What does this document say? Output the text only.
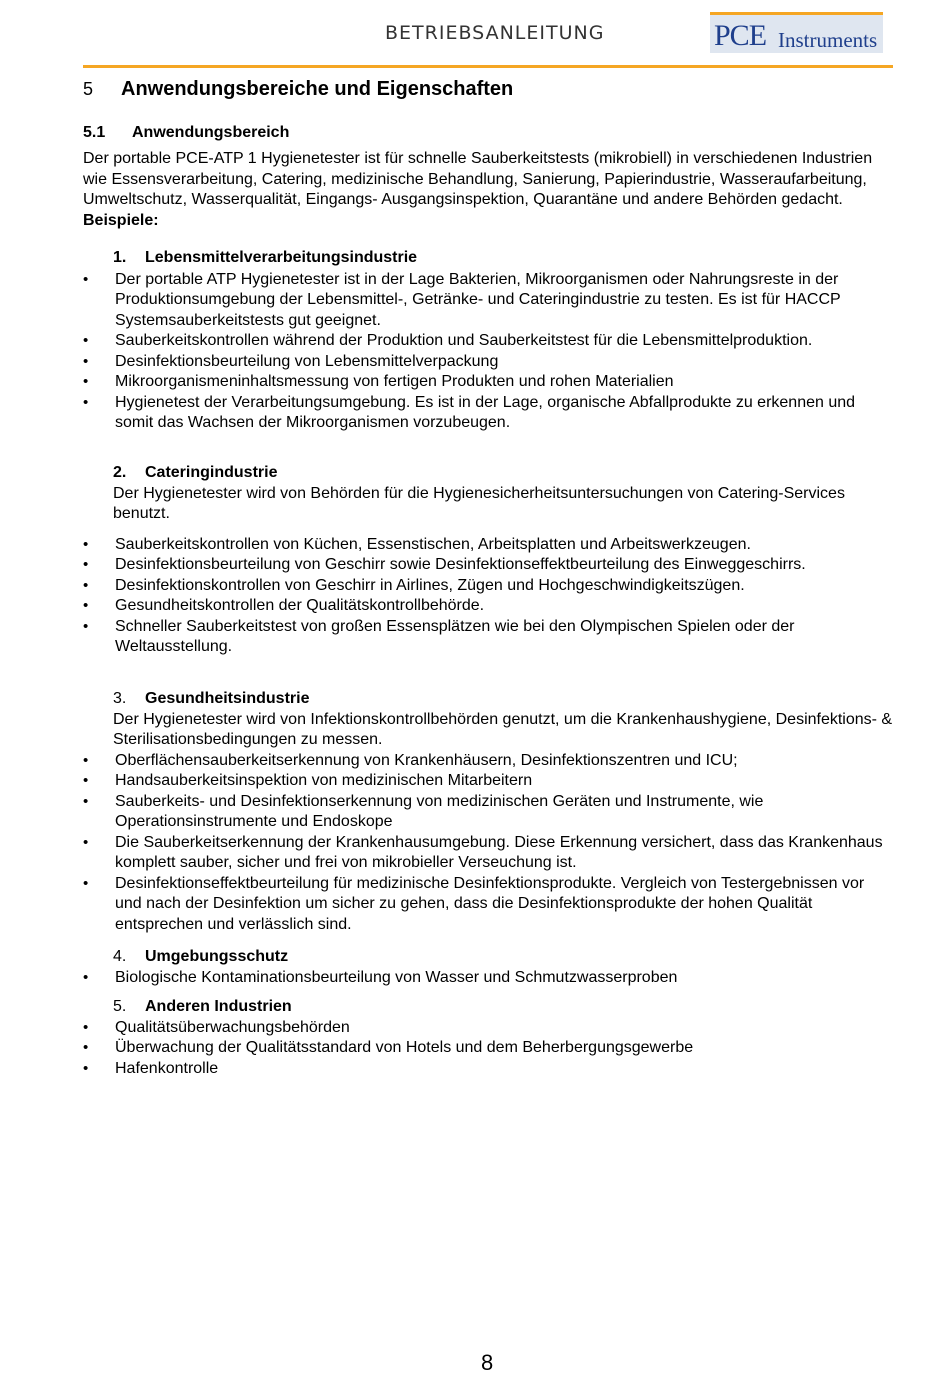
BETRIEBSANLEITUNG	PCE Instruments
5 Anwendungsbereiche und Eigenschaften
5.1 Anwendungsbereich
Der portable PCE-ATP 1 Hygienetester ist für schnelle Sauberkeitstests (mikrobiell) in verschiedenen Industrien wie Essensverarbeitung, Catering, medizinische Behandlung, Sanierung, Papierindustrie, Wasseraufarbeitung, Umweltschutz, Wasserqualität, Eingangs- Ausgangsinspektion, Quarantäne und andere Behörden gedacht.
Beispiele:
1. Lebensmittelverarbeitungsindustrie
• Der portable ATP Hygienetester ist in der Lage Bakterien, Mikroorganismen oder Nahrungsreste in der Produktionsumgebung der Lebensmittel-, Getränke- und Cateringindustrie zu testen. Es ist für HACCP Systemsauberkeitstests gut geeignet.
• Sauberkeitskontrollen während der Produktion und Sauberkeitstest für die Lebensmittelproduktion.
• Desinfektionsbeurteilung von Lebensmittelverpackung
• Mikroorganismeninhaltsmessung von fertigen Produkten und rohen Materialien
• Hygienetest der Verarbeitungsumgebung. Es ist in der Lage, organische Abfallprodukte zu erkennen und somit das Wachsen der Mikroorganismen vorzubeugen.
2. Cateringindustrie
Der Hygienetester wird von Behörden für die Hygienesicherheitsuntersuchungen von Catering-Services benutzt.
• Sauberkeitskontrollen von Küchen, Essenstischen, Arbeitsplatten und Arbeitswerkzeugen.
• Desinfektionsbeurteilung von Geschirr sowie Desinfektionseffektbeurteilung des Einweggeschirrs.
• Desinfektionskontrollen von Geschirr in Airlines, Zügen und Hochgeschwindigkeitszügen.
• Gesundheitskontrollen der Qualitätskontrollbehörde.
• Schneller Sauberkeitstest von großen Essensplätzen wie bei den Olympischen Spielen oder der Weltausstellung.
3. Gesundheitsindustrie
Der Hygienetester wird von Infektionskontrollbehörden genutzt, um die Krankenhaushygiene, Desinfektions- & Sterilisationsbedingungen zu messen.
• Oberflächensauberkeitserkennung von Krankenhäusern, Desinfektionszentren und ICU;
• Handsauberkeitsinspektion von medizinischen Mitarbeitern
• Sauberkeits- und Desinfektionserkennung von medizinischen Geräten und Instrumente, wie Operationsinstrumente und Endoskope
• Die Sauberkeitserkennung der Krankenhausumgebung. Diese Erkennung versichert, dass das Krankenhaus komplett sauber, sicher und frei von mikrobieller Verseuchung ist.
• Desinfektionseffektbeurteilung für medizinische Desinfektionsprodukte. Vergleich von Testergebnissen vor und nach der Desinfektion um sicher zu gehen, dass die Desinfektionsprodukte der hohen Qualität entsprechen und verlässlich sind.
4. Umgebungsschutz
• Biologische Kontaminationsbeurteilung von Wasser und Schmutzwasserproben
5. Anderen Industrien
• Qualitätsüberwachungsbehörden
• Überwachung der Qualitätsstandard von Hotels und dem Beherbergungsgewerbe
• Hafenkontrolle
8
